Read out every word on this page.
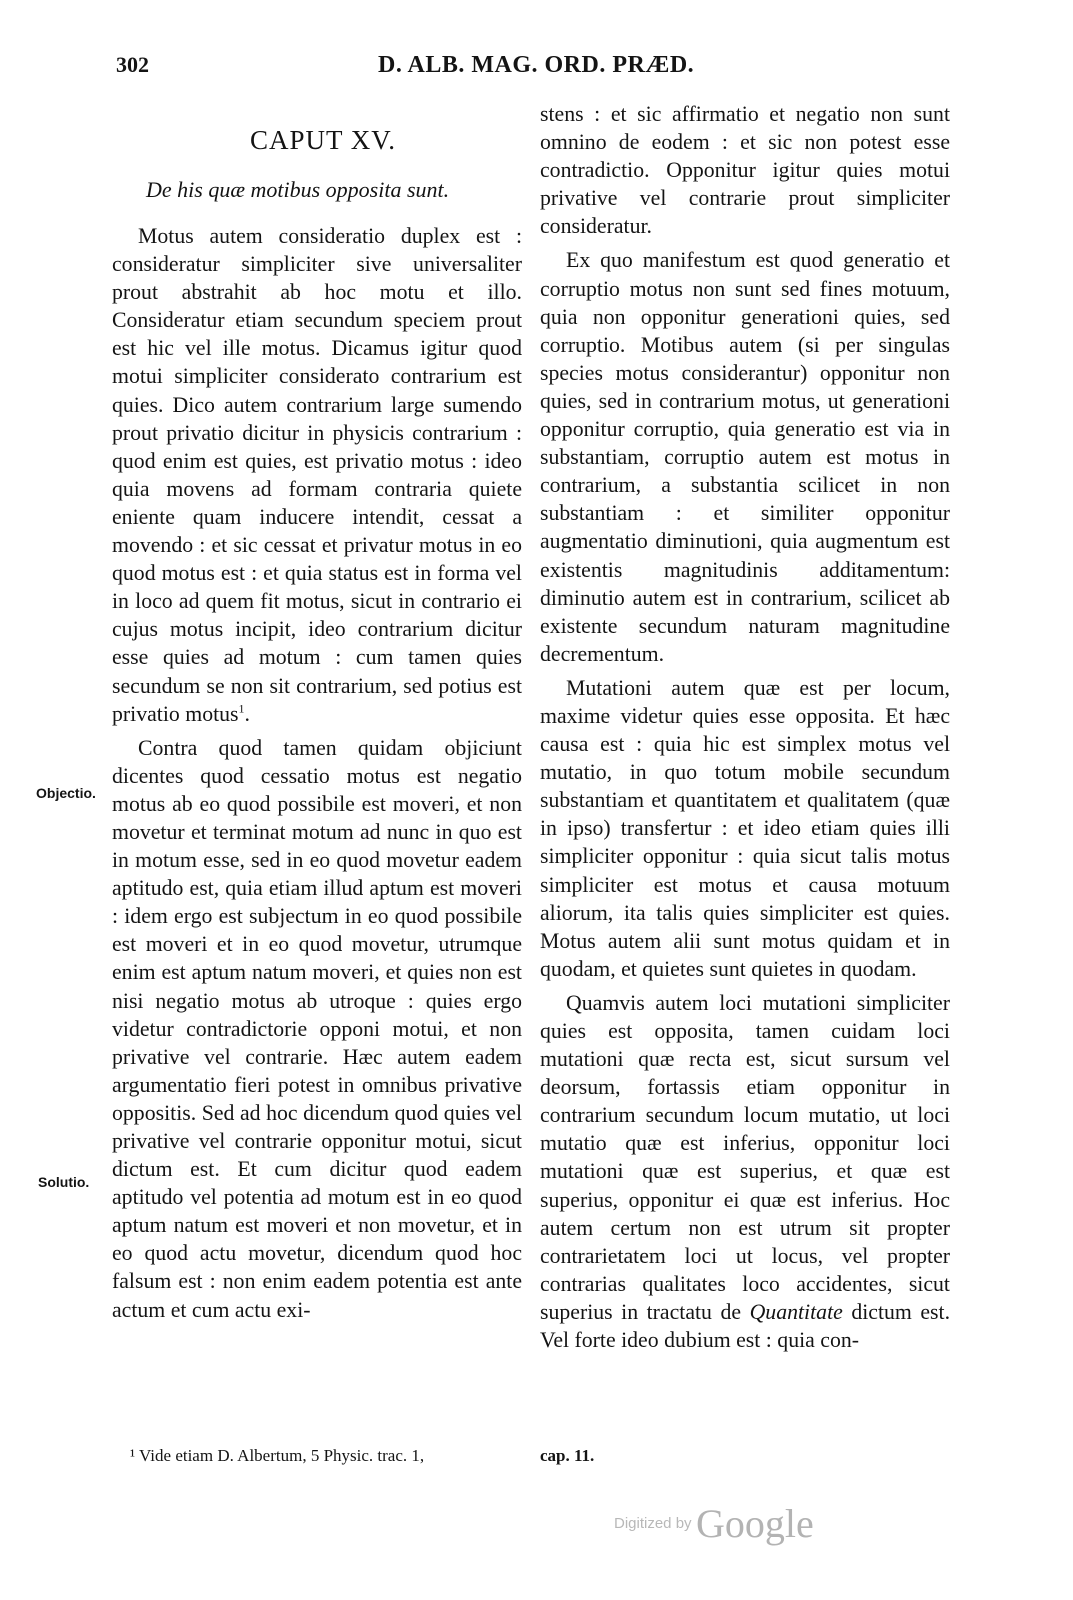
302	D. ALB. MAG. ORD. PRÆD.
CAPUT XV.
De his quæ motibus opposita sunt.

Motus autem consideratio duplex est : consideratur simpliciter sive universaliter prout abstrahit ab hoc motu et illo. Consideratur etiam secundum speciem prout est hic vel ille motus. Dicamus igitur quod motui simpliciter considerato contrarium est quies. Dico autem contrarium large sumendo prout privatio dicitur in physicis contrarium : quod enim est quies, est privatio motus : ideo quia movens ad formam contraria quiete eniente quam inducere intendit, cessat a movendo : et sic cessat et privatur motus in eo quod motus est : et quia status est in forma vel in loco ad quem fit motus, sicut in contrario ei cujus motus incipit, ideo contrarium dicitur esse quies ad motum : cum tamen quies secundum se non sit contrarium, sed potius est privatio motus$^1$.

Contra quod tamen quidam objiciunt dicentes quod cessatio motus est negatio motus ab eo quod possibile est moveri, et non movetur et terminat motum ad nunc in quo est in motum esse, sed in eo quod movetur eadem aptitudo est, quia etiam illud aptum est moveri : idem ergo est subjectum in eo quod possibile est moveri et in eo quod movetur, utrumque enim est aptum natum moveri, et quies non est nisi negatio motus ab utroque : quies ergo videtur contradictorie opponi motui, et non privative vel contrarie. Hæc autem eadem argumentatio fieri potest in omnibus privative oppositis. Sed ad hoc dicendum quod quies vel privative vel contrarie opponitur motui, sicut dictum est. Et cum dicitur quod eadem aptitudo vel potentia ad motum est in eo quod aptum natum est moveri et non movetur, et in eo quod actu movetur, dicendum quod hoc falsum est : non enim eadem potentia est ante actum et cum actu exi-

Objectio.
Solutio.

stens : et sic affirmatio et negatio non sunt omnino de eodem : et sic non potest esse contradictio. Opponitur igitur quies motui privative vel contrarie prout simpliciter consideratur.

Ex quo manifestum est quod generatio et corruptio motus non sunt sed fines motuum, quia non opponitur generationi quies, sed corruptio. Motibus autem (si per singulas species motus considerantur) opponitur non quies, sed in contrarium motus, ut generationi opponitur corruptio, quia generatio est via in substantiam, corruptio autem est motus in contrarium, a substantia scilicet in non substantiam : et similiter opponitur augmentatio diminutioni, quia augmentum est existentis magnitudinis additamentum: diminutio autem est in contrarium, scilicet ab existente secundum naturam magnitudine decrementum.

Mutationi autem quæ est per locum, maxime videtur quies esse opposita. Et hæc causa est : quia hic est simplex motus vel mutatio, in quo totum mobile secundum substantiam et quantitatem et qualitatem (quæ in ipso) transfertur : et ideo etiam quies illi simpliciter opponitur : quia sicut talis motus simpliciter est motus et causa motuum aliorum, ita talis quies simpliciter est quies. Motus autem alii sunt motus quidam et in quodam, et quietes sunt quietes in quodam.

Quamvis autem loci mutationi simpliciter quies est opposita, tamen cuidam loci mutationi quæ recta est, sicut sursum vel deorsum, fortassis etiam opponitur in contrarium secundum locum mutatio, ut loci mutatio quæ est inferius, opponitur loci mutationi quæ est superius, et quæ est superius, opponitur ei quæ est inferius. Hoc autem certum non est utrum sit propter contrarietatem loci ut locus, vel propter contrarias qualitates loco accidentes, sicut superius in tractatu de Quantitate dictum est. Vel forte ideo dubium est : quia con-

¹ Vide etiam D. Albertum, 5 Physic. trac. 1,	cap. 11.
Digitized by Google
